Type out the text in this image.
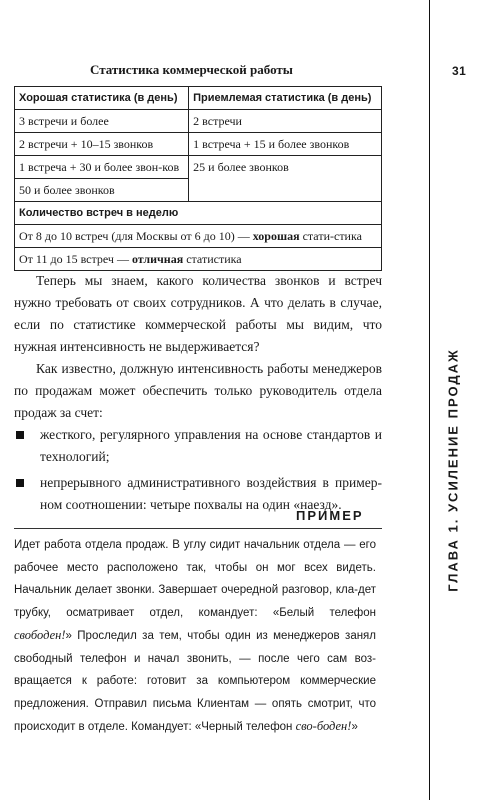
31
ГЛАВА 1. УСИЛЕНИЕ ПРОДАЖ
Статистика коммерческой работы
Хорошая статистика (в день)	Приемлемая статистика (в день)
3 встречи и более	2 встречи
2 встречи + 10–15 звонков	1 встреча + 15 и более звонков
1 встреча + 30 и более звон-ков	25 и более звонков
50 и более звонков	
Количество встреч в неделю	
От 8 до 10 встреч (для Москвы от 6 до 10) — хорошая стати-стика	
От 11 до 15 встреч — отличная статистика	

Теперь мы знаем, какого количества звонков и встреч нужно требовать от своих сотрудников. А что делать в случае, если по статистике коммерческой работы мы видим, что нужная интенсивность не выдерживается?

Как известно, должную интенсивность работы менеджеров по продажам может обеспечить только руководитель отдела продаж за счет:

жесткого, регулярного управления на основе стандартов и технологий;
непрерывного административного воздействия в пример-ном соотношении: четыре похвалы на один «наезд».
ПРИМЕР
Идет работа отдела продаж. В углу сидит начальник отдела — его рабочее место расположено так, чтобы он мог всех видеть. Начальник делает звонки. Завершает очередной разговор, кла-дет трубку, осматривает отдел, командует: «Белый телефон свободен!» Проследил за тем, чтобы один из менеджеров занял свободный телефон и начал звонить, — после чего сам воз-вращается к работе: готовит за компьютером коммерческие предложения. Отправил письма Клиентам — опять смотрит, что происходит в отделе. Командует: «Черный телефон сво-боден!»
